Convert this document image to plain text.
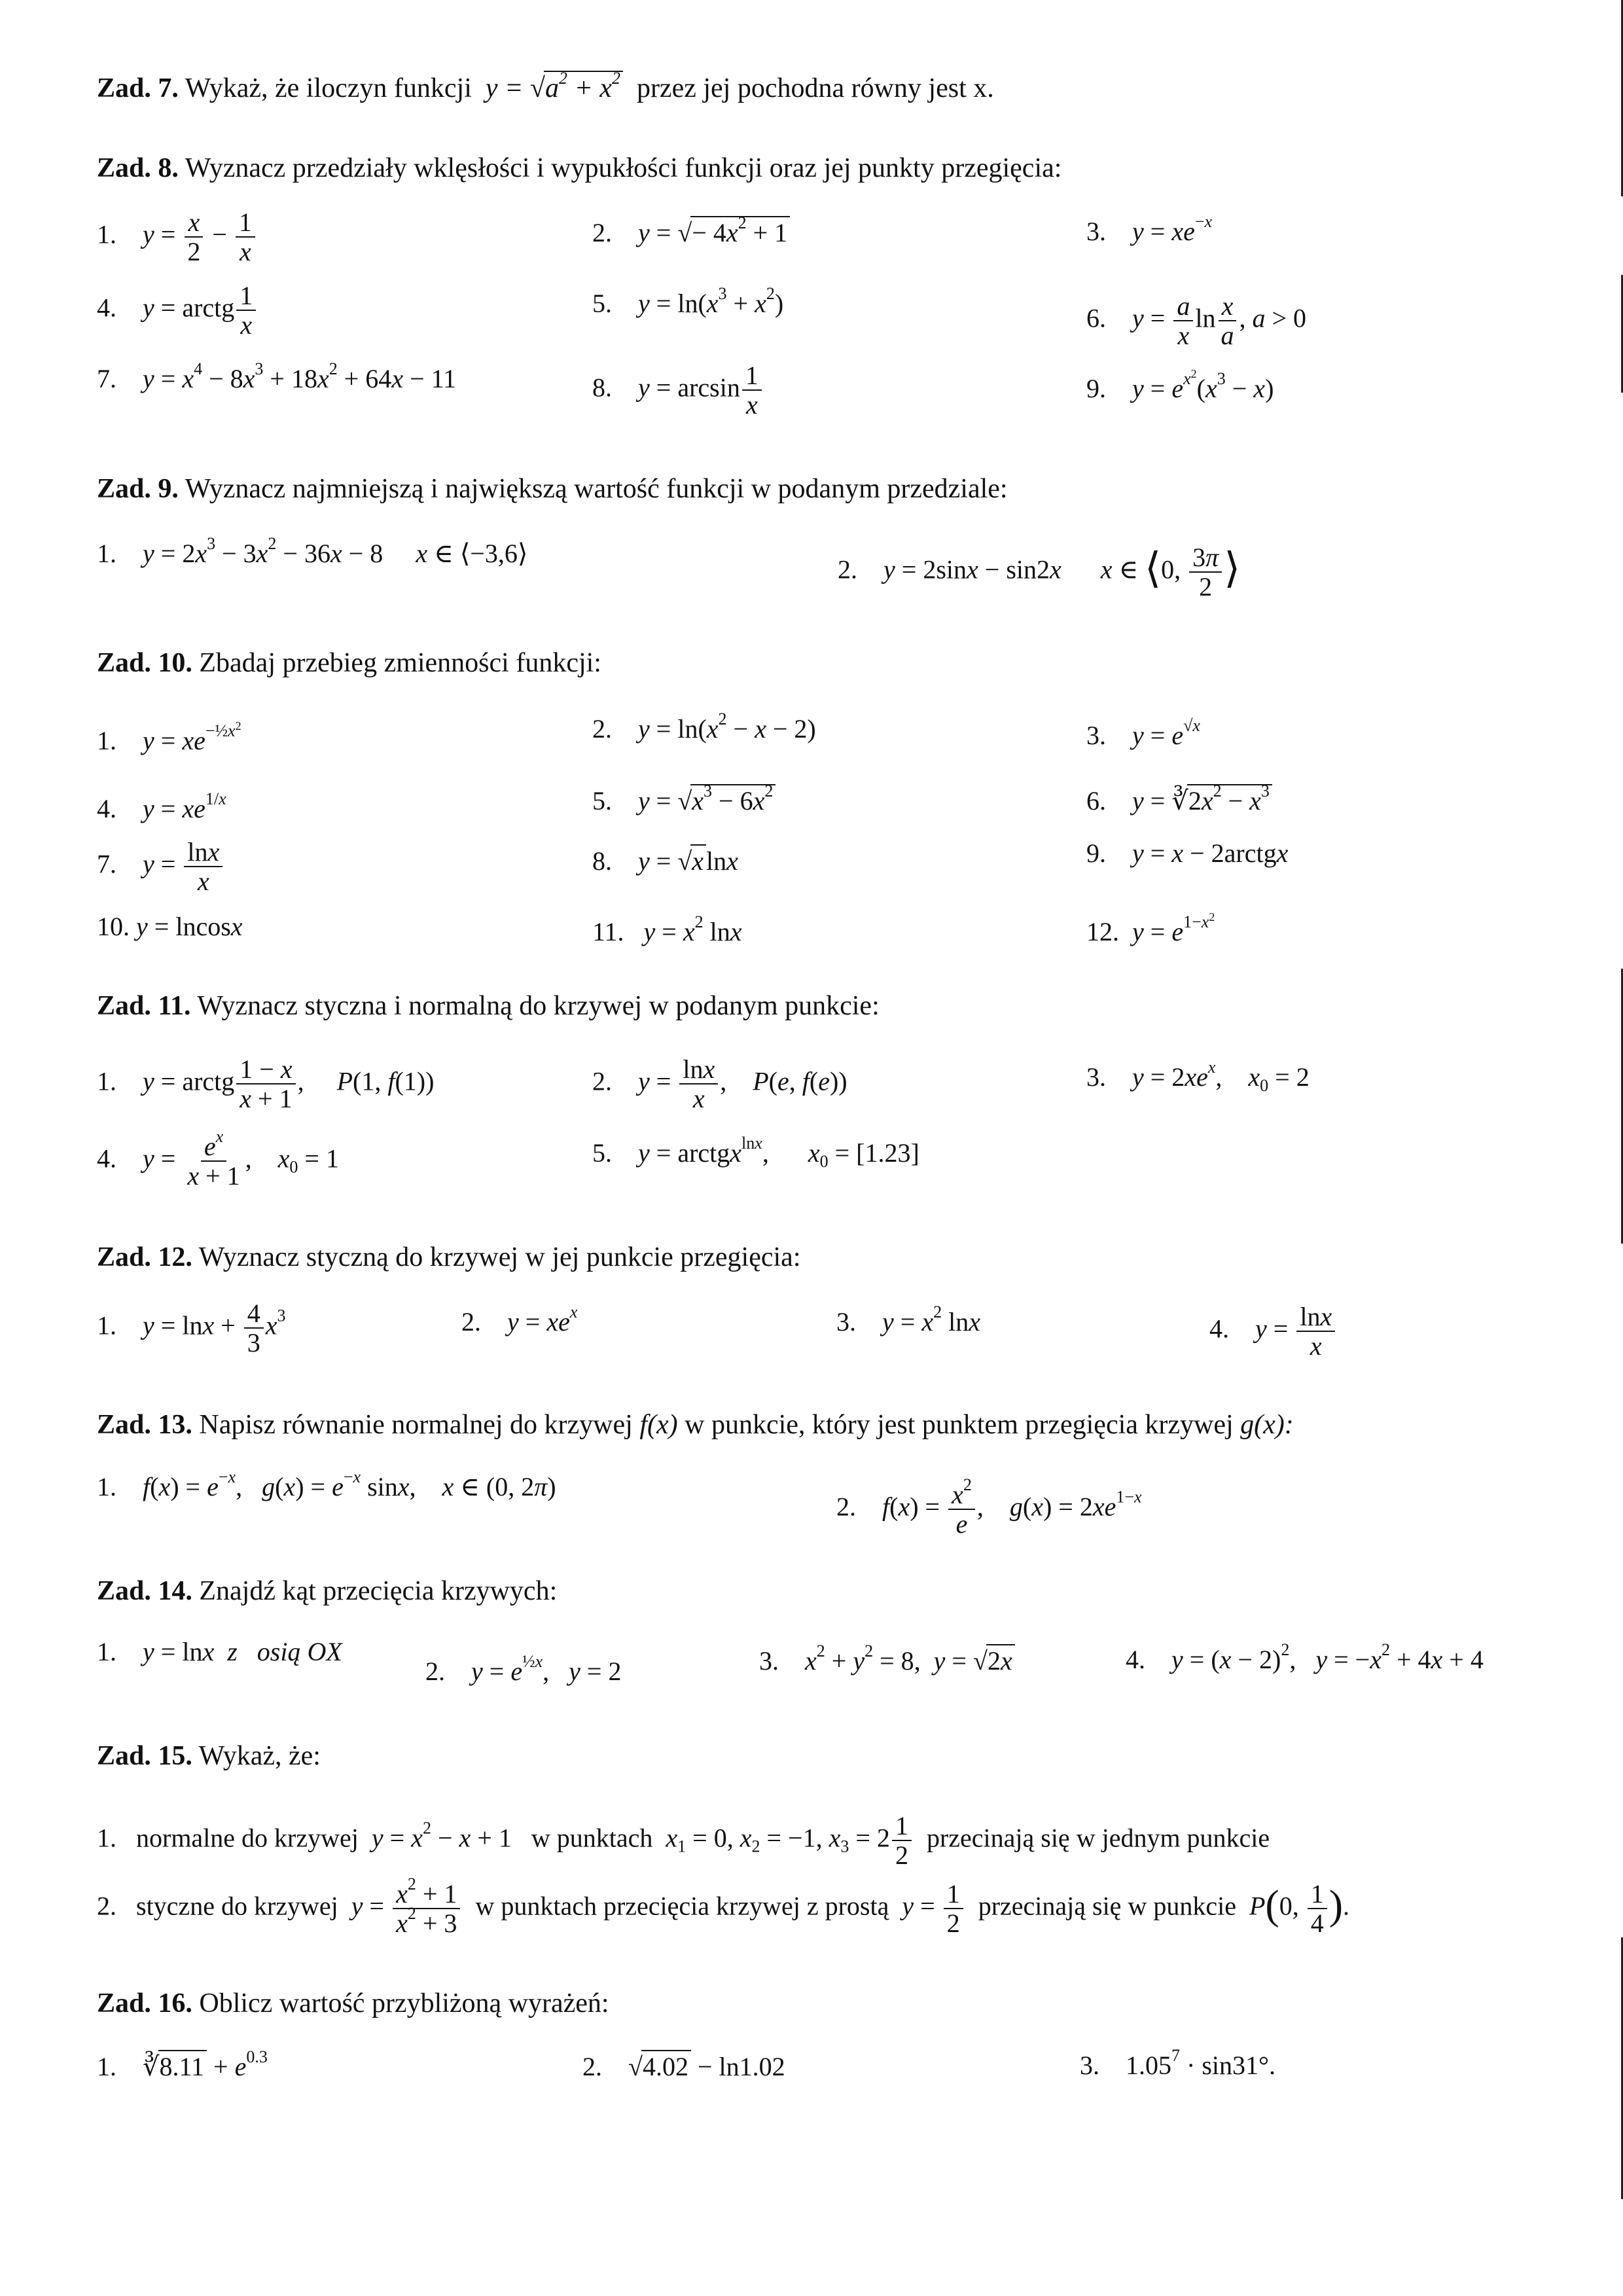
Zad. 7. Wykaż, że iloczyn funkcji  $y = √a^2 + x^2$ przez jej pochodna równy jest x.
Zad. 8. Wyznacz przedziały wklęsłości i wypukłości funkcji oraz jej punkty przegięcia:
1.    $y = \frac{x}{2} - \frac{1}{x}$	2.    y = √− $4x^2 + 1$	3.    $y = xe^{-x}$
4.    y = arctg $\frac{1}{x}$	5.    $y = \ln(x^3 + x^2)$	6.    $y = \frac{a}{x}$ $\ln \frac{x}{a}$ , a > 0
7.    $y = x^4 - 8x^3 + 18x^2 + 64x - 11$	8.    $y = \arcsin \frac{1}{x}$	9.    $y = e^{x^2}(x^3 - x)$
Zad. 9. Wyznacz najmniejszą i największą wartość funkcji w podanym przedziale:
1.    $y = 2x^3 - 3x^2 - 36x - 8$     x ∈ ⟨−3,6⟩
2.    y = 2sinx − sin2x x ∈ ⟨0, $\frac{3\pi}{2}$ ⟩
Zad. 10. Zbadaj przebieg zmienności funkcji:
1.    $y = xe^{-\frac{1}{2}x^2}$	2.    $y = \ln(x^2 - x - 2)$	3.    $y = e^{√x}$
4.    $y = xe^{1/x}$	5.    $y = √x^3 - 6x^2$	6.    $y = ∛2x^2 - x^3$
7.    $y = \frac{\ln x}{x}$	8.    y = √x lnx	9.    y = x − 2arctgx
10. y = lncosx	11.   $y = x^2$ lnx	12.  $y = e^{1-x^2}$
Zad. 11. Wyznacz styczna i normalną do krzywej w podanym punkcie:
1.    y = arctg $\frac{1 - x}{x + 1}$ ,     P(1, f(1))	2.    $y = \frac{\ln x}{x}$ ,    P(e, f(e))	3.    $y = 2xe^x$,    $x_0 = 2$
4.    $y = \frac{e^x}{x + 1}$ ,    $x_0 = 1$	5.    y = arctgx$^{lnx}$,      $x_0 = [1.23]$
Zad. 12. Wyznacz styczną do krzywej w jej punkcie przegięcia:
1.    $y = \ln x + \frac{4}{3} x^3$	2.    $y = xe^x$	3.    $y = x^2$ lnx	4.    $y = \frac{\ln x}{x}$
Zad. 13. Napisz równanie normalnej do krzywej f(x) w punkcie, który jest punktem przegięcia krzywej g(x):
1.    $f(x) = e^{-x}$,   $g(x) = e^{-x}$ sinx,    x ∈ (0, 2π)
2.    $f(x) = \frac{x^2}{e}$ ,    $g(x) = 2xe^{1-x}$
Zad. 14. Znajdź kąt przecięcia krzywych:
1.    y = lnx z   osią OX
2.    $y = e^{\frac{1}{2}x}$,   y = 2	3.    $x^2 + y^2 = 8$,  y = √2x	4.    $y = (x - 2)^2$,   $y = -x^2 + 4x + 4$
Zad. 15. Wykaż, że:
1.   normalne do krzywej $y = x^2 - x + 1$   w punktach $x_1 = 0$, $x_2 = -1$, $x_3 = 2 \frac{1}{2}$ przecinają się w jednym punkcie
2.   styczne do krzywej $y = \frac{x^2 + 1}{x^2 + 3}$ w punktach przecięcia krzywej z prostą $y = \frac{1}{2}$ przecinają się w punkcie P(0, $\frac{1}{4}$ ).
Zad. 16. Oblicz wartość przybliżoną wyrażeń:
1.    ∛8.11 + $e^{0.3}$	2.    √4.02 − ln1.02	3.    $1.05^7 \cdot \sin 31^\circ$.
